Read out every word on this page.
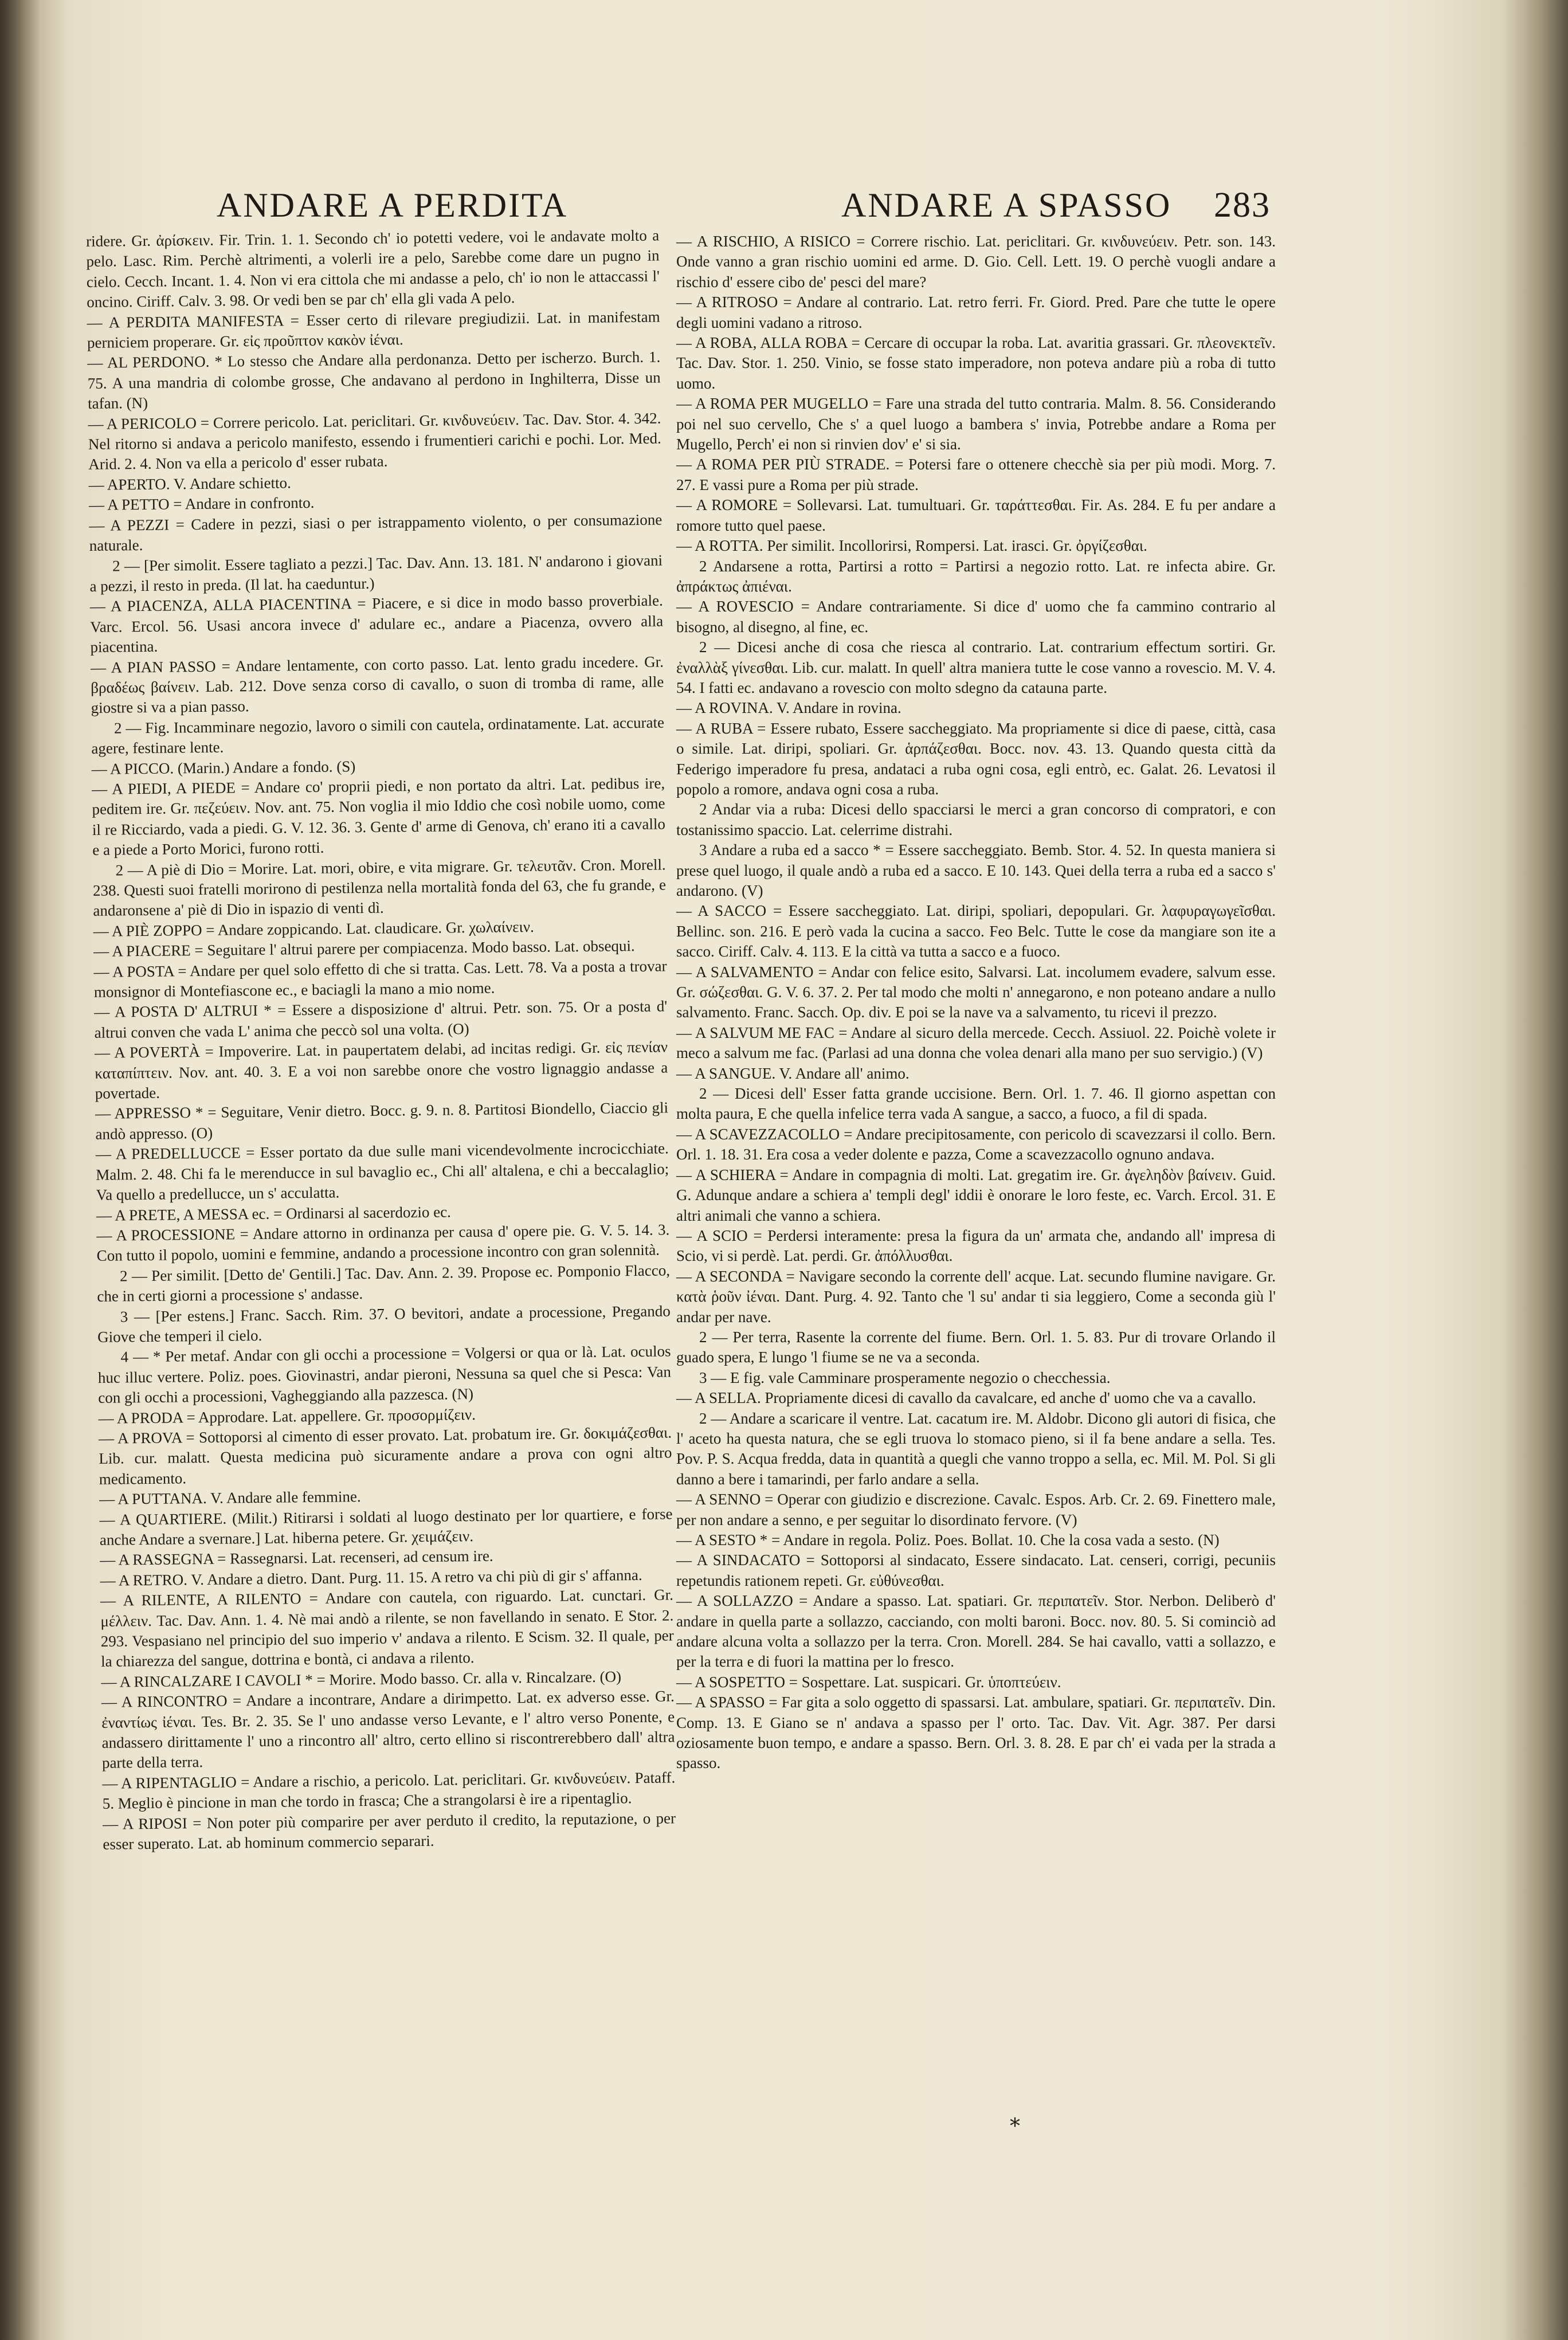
ANDARE A PERDITA	ANDARE A SPASSO 283

ridere. Gr. ἀρίσκειν. Fir. Trin. 1. 1. Secondo ch' io potetti vedere, voi le andavate molto a pelo. Lasc. Rim. Perchè altrimenti, a volerli ire a pelo, Sarebbe come dare un pugno in cielo. Cecch. Incant. 1. 4. Non vi era cittola che mi andasse a pelo, ch' io non le attaccassi l' oncino. Ciriff. Calv. 3. 98. Or vedi ben se par ch' ella gli vada A pelo.

— A PERDITA MANIFESTA = Esser certo di rilevare pregiudizii. Lat. in manifestam perniciem properare. Gr. εἰς προῦπτον κακὸν ἰέναι.

— AL PERDONO. * Lo stesso che Andare alla perdonanza. Detto per ischerzo. Burch. 1. 75. A una mandria di colombe grosse, Che andavano al perdono in Inghilterra, Disse un tafan. (N)

— A PERICOLO = Correre pericolo. Lat. periclitari. Gr. κινδυνεύειν. Tac. Dav. Stor. 4. 342. Nel ritorno si andava a pericolo manifesto, essendo i frumentieri carichi e pochi. Lor. Med. Arid. 2. 4. Non va ella a pericolo d' esser rubata.

— APERTO. V. Andare schietto.

— A PETTO = Andare in confronto.

— A PEZZI = Cadere in pezzi, siasi o per istrappamento violento, o per consumazione naturale.

2 — [Per simolit. Essere tagliato a pezzi.] Tac. Dav. Ann. 13. 181. N' andarono i giovani a pezzi, il resto in preda. (Il lat. ha caeduntur.)

— A PIACENZA, ALLA PIACENTINA = Piacere, e si dice in modo basso proverbiale. Varc. Ercol. 56. Usasi ancora invece d' adulare ec., andare a Piacenza, ovvero alla piacentina.

— A PIAN PASSO = Andare lentamente, con corto passo. Lat. lento gradu incedere. Gr. βραδέως βαίνειν. Lab. 212. Dove senza corso di cavallo, o suon di tromba di rame, alle giostre si va a pian passo.

2 — Fig. Incamminare negozio, lavoro o simili con cautela, ordinatamente. Lat. accurate agere, festinare lente.

— A PICCO. (Marin.) Andare a fondo. (S)

— A PIEDI, A PIEDE = Andare co' proprii piedi, e non portato da altri. Lat. pedibus ire, peditem ire. Gr. πεζεύειν. Nov. ant. 75. Non voglia il mio Iddio che così nobile uomo, come il re Ricciardo, vada a piedi. G. V. 12. 36. 3. Gente d' arme di Genova, ch' erano iti a cavallo e a piede a Porto Morici, furono rotti.

2 — A piè di Dio = Morire. Lat. mori, obire, e vita migrare. Gr. τελευτᾶν. Cron. Morell. 238. Questi suoi fratelli morirono di pestilenza nella mortalità fonda del 63, che fu grande, e andaronsene a' piè di Dio in ispazio di venti dì.

— A PIÈ ZOPPO = Andare zoppicando. Lat. claudicare. Gr. χωλαίνειν.

— A PIACERE = Seguitare l' altrui parere per compiacenza. Modo basso. Lat. obsequi.

— A POSTA = Andare per quel solo effetto di che si tratta. Cas. Lett. 78. Va a posta a trovar monsignor di Montefiascone ec., e baciagli la mano a mio nome.

— A POSTA D' ALTRUI * = Essere a disposizione d' altrui. Petr. son. 75. Or a posta d' altrui conven che vada L' anima che peccò sol una volta. (O)

— A POVERTÀ = Impoverire. Lat. in paupertatem delabi, ad incitas redigi. Gr. εἰς πενίαν καταπίπτειν. Nov. ant. 40. 3. E a voi non sarebbe onore che vostro lignaggio andasse a povertade.

— APPRESSO * = Seguitare, Venir dietro. Bocc. g. 9. n. 8. Partitosi Biondello, Ciaccio gli andò appresso. (O)

— A PREDELLUCCE = Esser portato da due sulle mani vicendevolmente incrocicchiate. Malm. 2. 48. Chi fa le merenducce in sul bavaglio ec., Chi all' altalena, e chi a beccalaglio; Va quello a predellucce, un s' acculatta.

— A PRETE, A MESSA ec. = Ordinarsi al sacerdozio ec.

— A PROCESSIONE = Andare attorno in ordinanza per causa d' opere pie. G. V. 5. 14. 3. Con tutto il popolo, uomini e femmine, andando a processione incontro con gran solennità.

2 — Per similit. [Detto de' Gentili.] Tac. Dav. Ann. 2. 39. Propose ec. Pomponio Flacco, che in certi giorni a processione s' andasse.

3 — [Per estens.] Franc. Sacch. Rim. 37. O bevitori, andate a processione, Pregando Giove che temperi il cielo.

4 — * Per metaf. Andar con gli occhi a processione = Volgersi or qua or là. Lat. oculos huc illuc vertere. Poliz. poes. Giovinastri, andar pieroni, Nessuna sa quel che si Pesca: Van con gli occhi a processioni, Vagheggiando alla pazzesca. (N)

— A PRODA = Approdare. Lat. appellere. Gr. προσορμίζειν.

— A PROVA = Sottoporsi al cimento di esser provato. Lat. probatum ire. Gr. δοκιμάζεσθαι. Lib. cur. malatt. Questa medicina può sicuramente andare a prova con ogni altro medicamento.

— A PUTTANA. V. Andare alle femmine.

— A QUARTIERE. (Milit.) Ritirarsi i soldati al luogo destinato per lor quartiere, e forse anche Andare a svernare.] Lat. hiberna petere. Gr. χειμάζειν.

— A RASSEGNA = Rassegnarsi. Lat. recenseri, ad censum ire.

— A RETRO. V. Andare a dietro. Dant. Purg. 11. 15. A retro va chi più di gir s' affanna.

— A RILENTE, A RILENTO = Andare con cautela, con riguardo. Lat. cunctari. Gr. μέλλειν. Tac. Dav. Ann. 1. 4. Nè mai andò a rilente, se non favellando in senato. E Stor. 2. 293. Vespasiano nel principio del suo imperio v' andava a rilento. E Scism. 32. Il quale, per la chiarezza del sangue, dottrina e bontà, ci andava a rilento.

— A RINCALZARE I CAVOLI * = Morire. Modo basso. Cr. alla v. Rincalzare. (O)

— A RINCONTRO = Andare a incontrare, Andare a dirimpetto. Lat. ex adverso esse. Gr. ἐναντίως ἰέναι. Tes. Br. 2. 35. Se l' uno andasse verso Levante, e l' altro verso Ponente, e andassero dirittamente l' uno a rincontro all' altro, certo ellino si riscontrerebbero dall' altra parte della terra.

— A RIPENTAGLIO = Andare a rischio, a pericolo. Lat. periclitari. Gr. κινδυνεύειν. Pataff. 5. Meglio è pincione in man che tordo in frasca; Che a strangolarsi è ire a ripentaglio.

— A RIPOSI = Non poter più comparire per aver perduto il credito, la reputazione, o per esser superato. Lat. ab hominum commercio separari.

— A RISCHIO, A RISICO = Correre rischio. Lat. periclitari. Gr. κινδυνεύειν. Petr. son. 143. Onde vanno a gran rischio uomini ed arme. D. Gio. Cell. Lett. 19. O perchè vuogli andare a rischio d' essere cibo de' pesci del mare?

— A RITROSO = Andare al contrario. Lat. retro ferri. Fr. Giord. Pred. Pare che tutte le opere degli uomini vadano a ritroso.

— A ROBA, ALLA ROBA = Cercare di occupar la roba. Lat. avaritia grassari. Gr. πλεονεκτεῖν. Tac. Dav. Stor. 1. 250. Vinio, se fosse stato imperadore, non poteva andare più a roba di tutto uomo.

— A ROMA PER MUGELLO = Fare una strada del tutto contraria. Malm. 8. 56. Considerando poi nel suo cervello, Che s' a quel luogo a bambera s' invia, Potrebbe andare a Roma per Mugello, Perch' ei non si rinvien dov' e' si sia.

— A ROMA PER PIÙ STRADE. = Potersi fare o ottenere checchè sia per più modi. Morg. 7. 27. E vassi pure a Roma per più strade.

— A ROMORE = Sollevarsi. Lat. tumultuari. Gr. ταράττεσθαι. Fir. As. 284. E fu per andare a romore tutto quel paese.

— A ROTTA. Per similit. Incollorirsi, Rompersi. Lat. irasci. Gr. ὀργίζεσθαι.

2 Andarsene a rotta, Partirsi a rotto = Partirsi a negozio rotto. Lat. re infecta abire. Gr. ἀπράκτως ἀπιέναι.

— A ROVESCIO = Andare contrariamente. Si dice d' uomo che fa cammino contrario al bisogno, al disegno, al fine, ec.

2 — Dicesi anche di cosa che riesca al contrario. Lat. contrarium effectum sortiri. Gr. ἐναλλὰξ γίνεσθαι. Lib. cur. malatt. In quell' altra maniera tutte le cose vanno a rovescio. M. V. 4. 54. I fatti ec. andavano a rovescio con molto sdegno da catauna parte.

— A ROVINA. V. Andare in rovina.

— A RUBA = Essere rubato, Essere saccheggiato. Ma propriamente si dice di paese, città, casa o simile. Lat. diripi, spoliari. Gr. ἁρπάζεσθαι. Bocc. nov. 43. 13. Quando questa città da Federigo imperadore fu presa, andataci a ruba ogni cosa, egli entrò, ec. Galat. 26. Levatosi il popolo a romore, andava ogni cosa a ruba.

2 Andar via a ruba: Dicesi dello spacciarsi le merci a gran concorso di compratori, e con tostanissimo spaccio. Lat. celerrime distrahi.

3 Andare a ruba ed a sacco * = Essere saccheggiato. Bemb. Stor. 4. 52. In questa maniera si prese quel luogo, il quale andò a ruba ed a sacco. E 10. 143. Quei della terra a ruba ed a sacco s' andarono. (V)

— A SACCO = Essere saccheggiato. Lat. diripi, spoliari, depopulari. Gr. λαφυραγωγεῖσθαι. Bellinc. son. 216. E però vada la cucina a sacco. Feo Belc. Tutte le cose da mangiare son ite a sacco. Ciriff. Calv. 4. 113. E la città va tutta a sacco e a fuoco.

— A SALVAMENTO = Andar con felice esito, Salvarsi. Lat. incolumem evadere, salvum esse. Gr. σώζεσθαι. G. V. 6. 37. 2. Per tal modo che molti n' annegarono, e non poteano andare a nullo salvamento. Franc. Sacch. Op. div. E poi se la nave va a salvamento, tu ricevi il prezzo.

— A SALVUM ME FAC = Andare al sicuro della mercede. Cecch. Assiuol. 22. Poichè volete ir meco a salvum me fac. (Parlasi ad una donna che volea denari alla mano per suo servigio.) (V)

— A SANGUE. V. Andare all' animo.

2 — Dicesi dell' Esser fatta grande uccisione. Bern. Orl. 1. 7. 46. Il giorno aspettan con molta paura, E che quella infelice terra vada A sangue, a sacco, a fuoco, a fil di spada.

— A SCAVEZZACOLLO = Andare precipitosamente, con pericolo di scavezzarsi il collo. Bern. Orl. 1. 18. 31. Era cosa a veder dolente e pazza, Come a scavezzacollo ognuno andava.

— A SCHIERA = Andare in compagnia di molti. Lat. gregatim ire. Gr. ἀγεληδὸν βαίνειν. Guid. G. Adunque andare a schiera a' templi degl' iddii è onorare le loro feste, ec. Varch. Ercol. 31. E altri animali che vanno a schiera.

— A SCIO = Perdersi interamente: presa la figura da un' armata che, andando all' impresa di Scio, vi si perdè. Lat. perdi. Gr. ἀπόλλυσθαι.

— A SECONDA = Navigare secondo la corrente dell' acque. Lat. secundo flumine navigare. Gr. κατὰ ῥοῦν ἰέναι. Dant. Purg. 4. 92. Tanto che 'l su' andar ti sia leggiero, Come a seconda giù l' andar per nave.

2 — Per terra, Rasente la corrente del fiume. Bern. Orl. 1. 5. 83. Pur di trovare Orlando il guado spera, E lungo 'l fiume se ne va a seconda.

3 — E fig. vale Camminare prosperamente negozio o checchessia.

— A SELLA. Propriamente dicesi di cavallo da cavalcare, ed anche d' uomo che va a cavallo.

2 — Andare a scaricare il ventre. Lat. cacatum ire. M. Aldobr. Dicono gli autori di fisica, che l' aceto ha questa natura, che se egli truova lo stomaco pieno, si il fa bene andare a sella. Tes. Pov. P. S. Acqua fredda, data in quantità a quegli che vanno troppo a sella, ec. Mil. M. Pol. Si gli danno a bere i tamarindi, per farlo andare a sella.

— A SENNO = Operar con giudizio e discrezione. Cavalc. Espos. Arb. Cr. 2. 69. Finettero male, per non andare a senno, e per seguitar lo disordinato fervore. (V)

— A SESTO * = Andare in regola. Poliz. Poes. Bollat. 10. Che la cosa vada a sesto. (N)

— A SINDACATO = Sottoporsi al sindacato, Essere sindacato. Lat. censeri, corrigi, pecuniis repetundis rationem repeti. Gr. εὐθύνεσθαι.

— A SOLLAZZO = Andare a spasso. Lat. spatiari. Gr. περιπατεῖν. Stor. Nerbon. Deliberò d' andare in quella parte a sollazzo, cacciando, con molti baroni. Bocc. nov. 80. 5. Si cominciò ad andare alcuna volta a sollazzo per la terra. Cron. Morell. 284. Se hai cavallo, vatti a sollazzo, e per la terra e di fuori la mattina per lo fresco.

— A SOSPETTO = Sospettare. Lat. suspicari. Gr. ὑποπτεύειν.

— A SPASSO = Far gita a solo oggetto di spassarsi. Lat. ambulare, spatiari. Gr. περιπατεῖν. Din. Comp. 13. E Giano se n' andava a spasso per l' orto. Tac. Dav. Vit. Agr. 387. Per darsi oziosamente buon tempo, e andare a spasso. Bern. Orl. 3. 8. 28. E par ch' ei vada per la strada a spasso.

*
